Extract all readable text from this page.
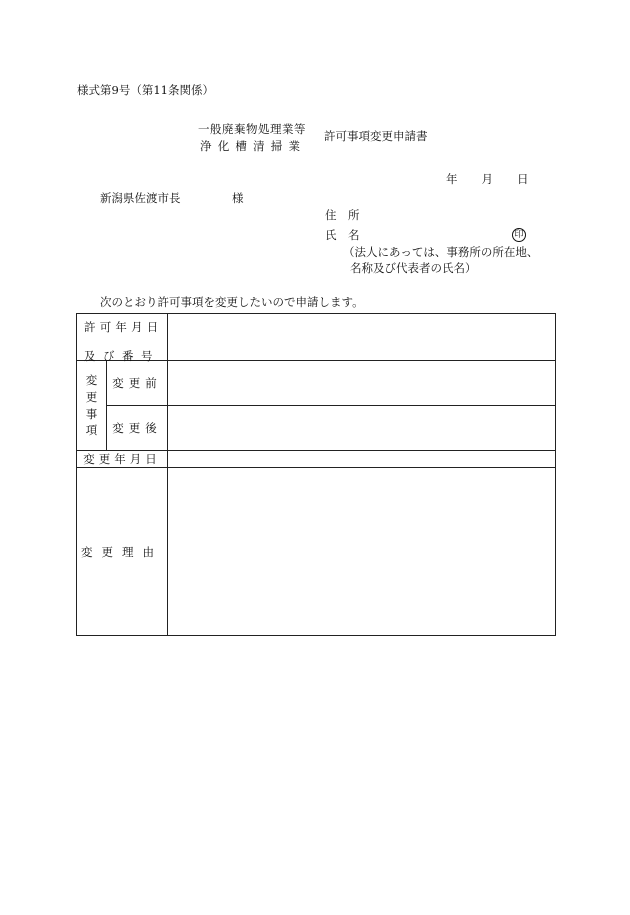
様式第9号（第11条関係）
一般廃棄物処理業等
浄化槽清掃業
許可事項変更申請書
年 月 日
新潟県佐渡市長	様
住　所
氏　名	印
（法人にあっては、事務所の所在地、
名称及び代表者の氏名）
次のとおり許可事項を変更したいので申請します。
許可年月日
及び番号		

変
更
事
項	変更前	
	変更後	
変更年月日		
変更理由		
